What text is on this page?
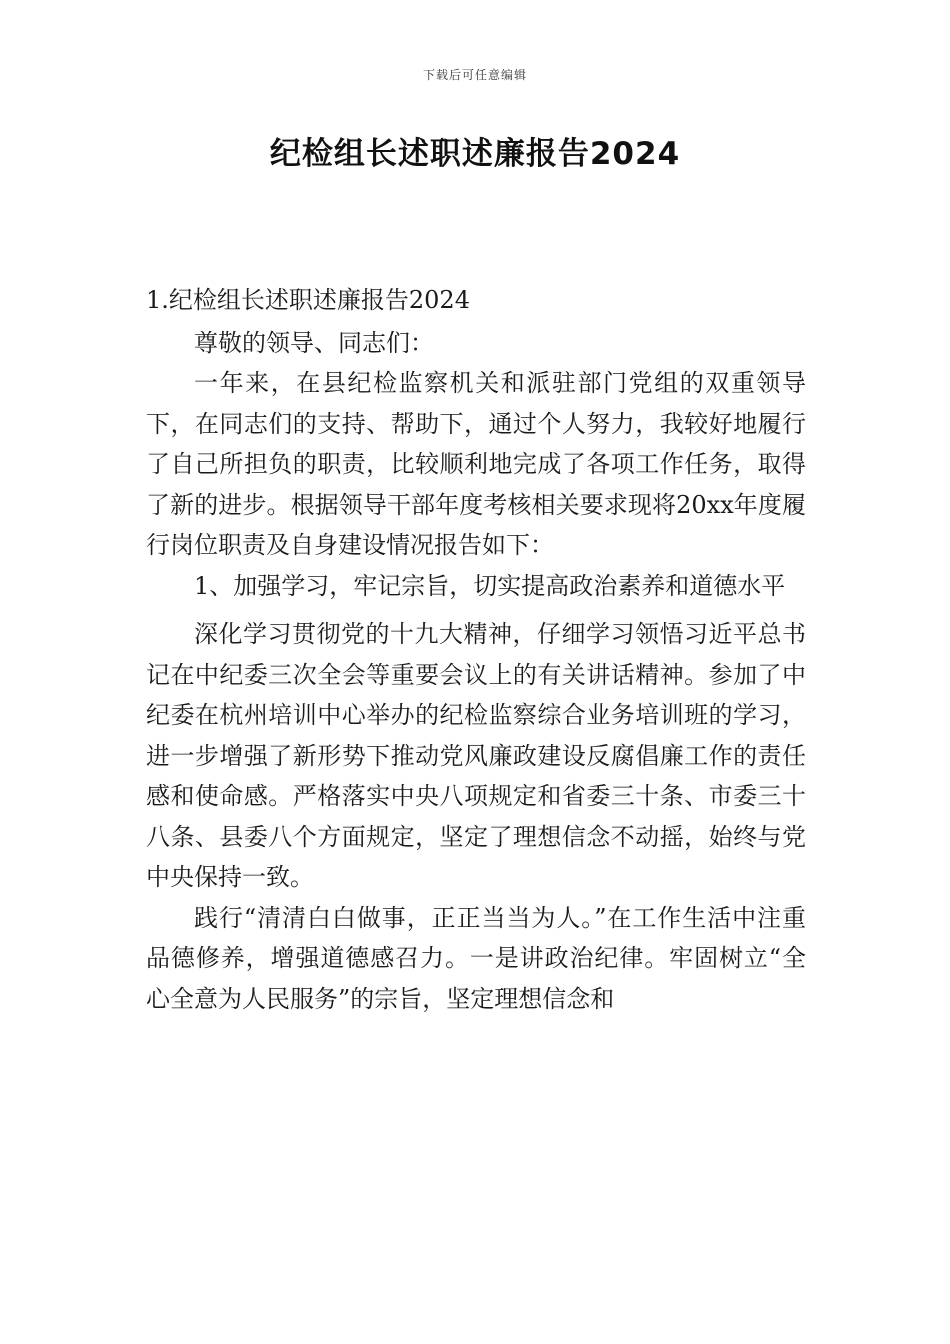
下载后可任意编辑
纪检组长述职述廉报告2024

1.纪检组长述职述廉报告2024

尊敬的领导、同志们：

一年来，在县纪检监察机关和派驻部门党组的双重领导下，在同志们的支持、帮助下，通过个人努力，我较好地履行了自己所担负的职责，比较顺利地完成了各项工作任务，取得了新的进步。根据领导干部年度考核相关要求现将20xx年度履行岗位职责及自身建设情况报告如下：

1、加强学习，牢记宗旨，切实提高政治素养和道德水平

深化学习贯彻党的十九大精神，仔细学习领悟习近平总书记在中纪委三次全会等重要会议上的有关讲话精神。参加了中纪委在杭州培训中心举办的纪检监察综合业务培训班的学习，进一步增强了新形势下推动党风廉政建设反腐倡廉工作的责任感和使命感。严格落实中央八项规定和省委三十条、市委三十八条、县委八个方面规定，坚定了理想信念不动摇，始终与党中央保持一致。

践行“清清白白做事，正正当当为人。”在工作生活中注重品德修养，增强道德感召力。一是讲政治纪律。牢固树立“全心全意为人民服务”的宗旨，坚定理想信念和
